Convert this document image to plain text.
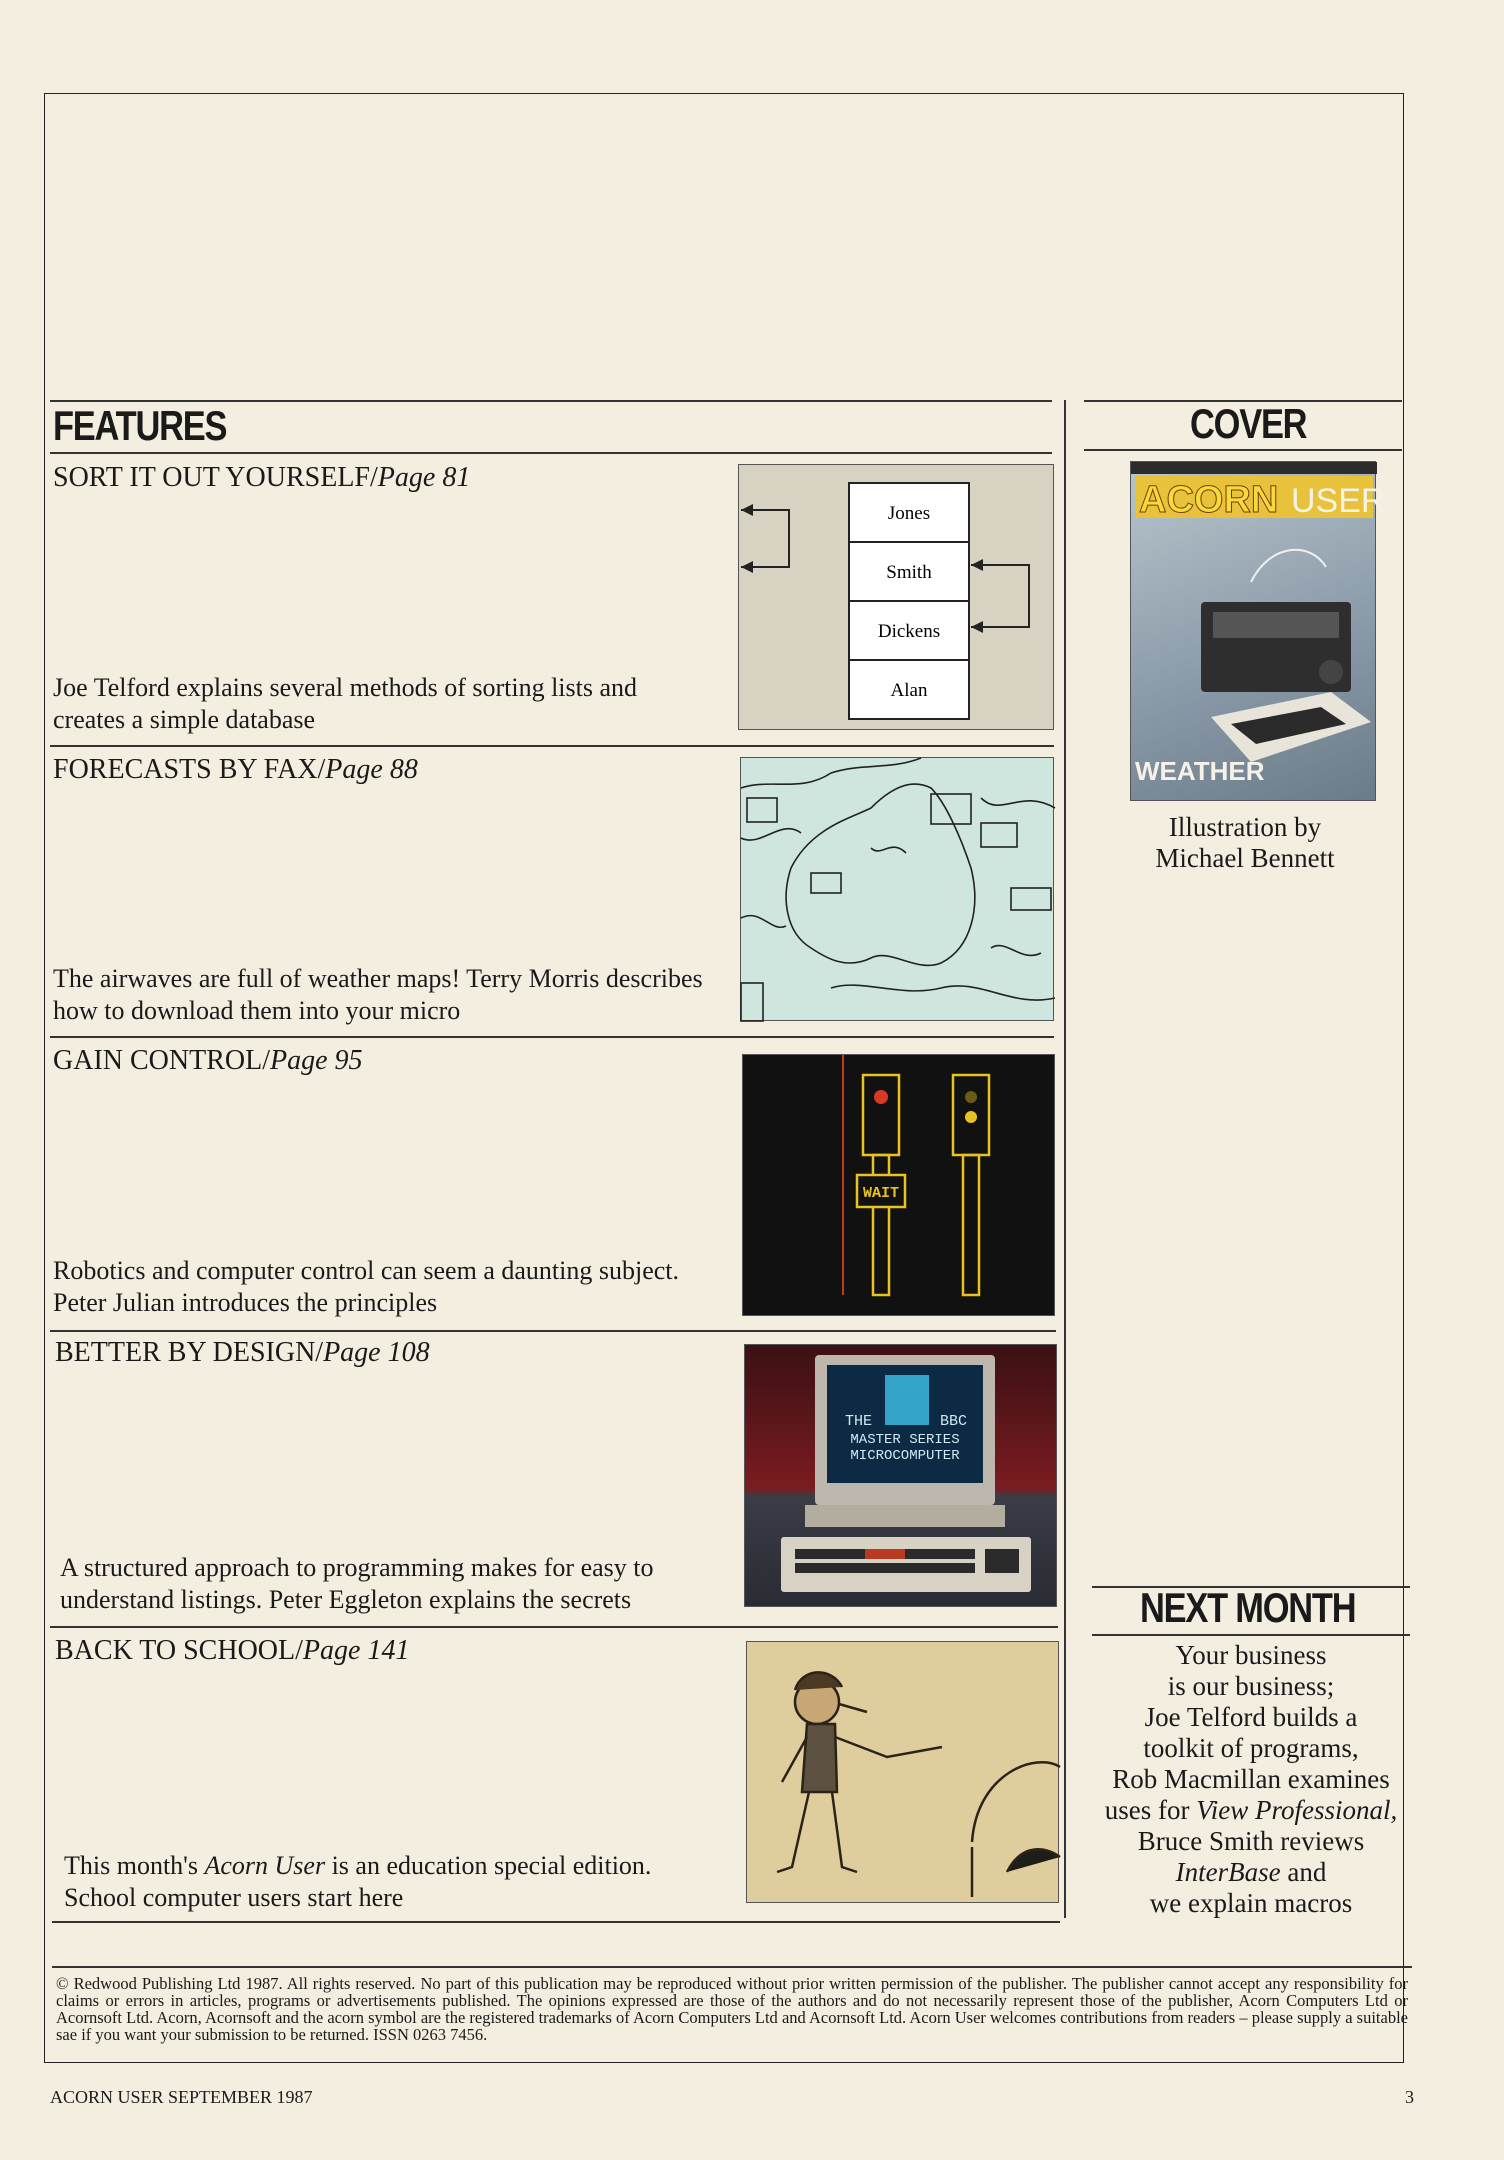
FEATURES	COVER
SORT IT OUT YOURSELF/Page 81
Joe Telford explains several methods of sorting lists and creates a simple database
Jones
Smith
Dickens
Alan
FORECASTS BY FAX/Page 88
The airwaves are full of weather maps! Terry Morris describes how to download them into your micro
GAIN CONTROL/Page 95
Robotics and computer control can seem a daunting subject. Peter Julian introduces the principles
WAIT
BETTER BY DESIGN/Page 108
A structured approach to programming makes for easy to understand listings. Peter Eggleton explains the secrets
THE	BBC
MASTER SERIES
MICROCOMPUTER
BACK TO SCHOOL/Page 141
This month's Acorn User is an education special edition. School computer users start here
ACORN USER
WEATHER
Illustration by
Michael Bennett
NEXT MONTH
Your business
is our business;
Joe Telford builds a
toolkit of programs,
Rob Macmillan examines
uses for View Professional,
Bruce Smith reviews
InterBase and
we explain macros
© Redwood Publishing Ltd 1987. All rights reserved. No part of this publication may be reproduced without prior written permission of the publisher. The publisher cannot accept any responsibility for claims or errors in articles, programs or advertisements published. The opinions expressed are those of the authors and do not necessarily represent those of the publisher, Acorn Computers Ltd or Acornsoft Ltd. Acorn, Acornsoft and the acorn symbol are the registered trademarks of Acorn Computers Ltd and Acornsoft Ltd. Acorn User welcomes contributions from readers – please supply a suitable sae if you want your submission to be returned. ISSN 0263 7456.
ACORN USER SEPTEMBER 1987	3
